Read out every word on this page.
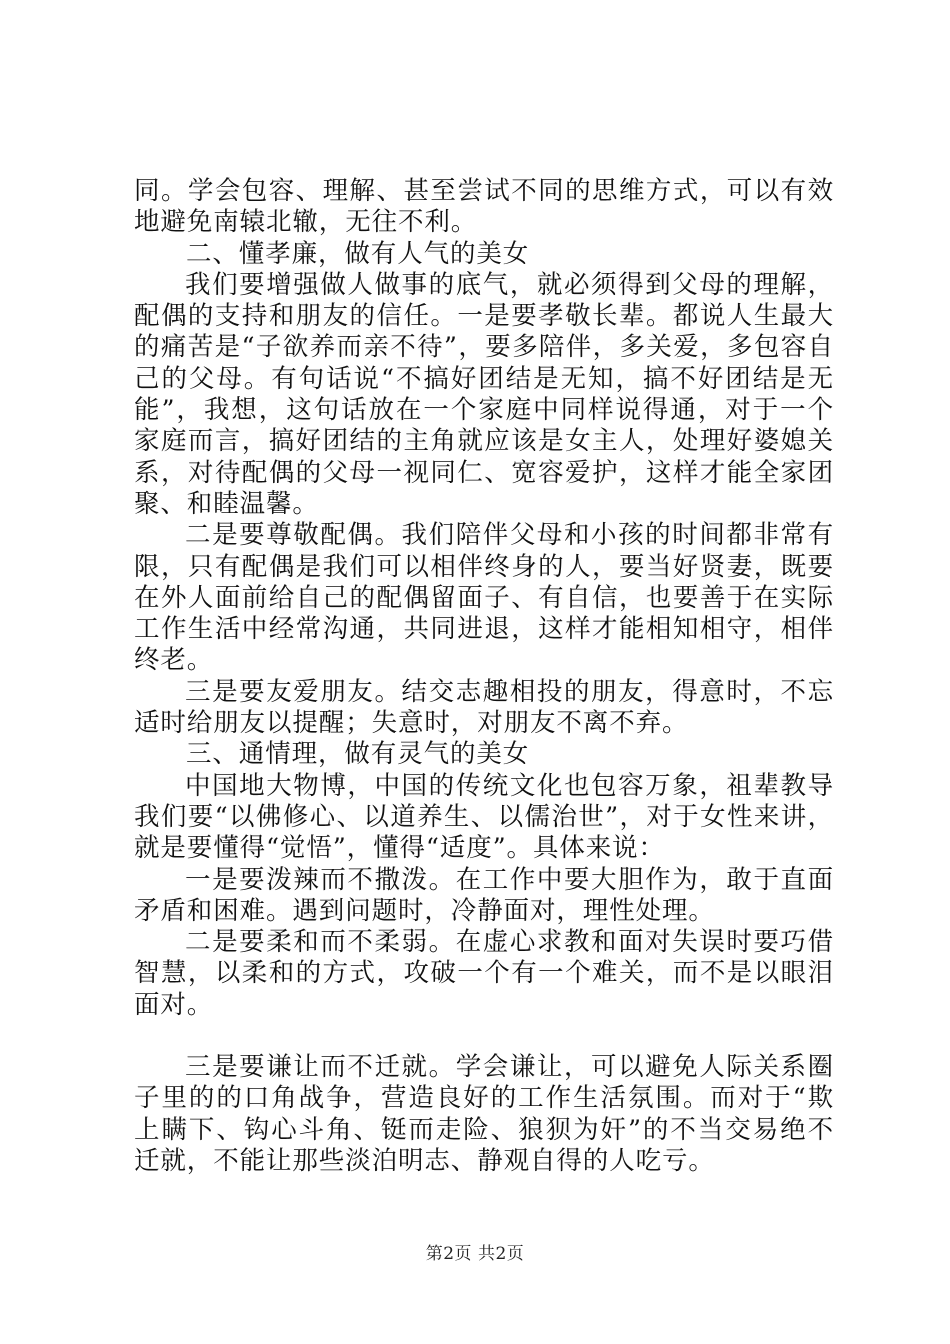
同。学会包容、理解、甚至尝试不同的思维方式，可以有效地避免南辕北辙，无往不利。

二、懂孝廉，做有人气的美女

我们要增强做人做事的底气，就必须得到父母的理解，配偶的支持和朋友的信任。一是要孝敬长辈。都说人生最大的痛苦是“子欲养而亲不待”，要多陪伴，多关爱，多包容自己的父母。有句话说“不搞好团结是无知，搞不好团结是无能”，我想，这句话放在一个家庭中同样说得通，对于一个家庭而言，搞好团结的主角就应该是女主人，处理好婆媳关系，对待配偶的父母一视同仁、宽容爱护，这样才能全家团聚、和睦温馨。

二是要尊敬配偶。我们陪伴父母和小孩的时间都非常有限，只有配偶是我们可以相伴终身的人，要当好贤妻，既要在外人面前给自己的配偶留面子、有自信，也要善于在实际工作生活中经常沟通，共同进退，这样才能相知相守，相伴终老。

三是要友爱朋友。结交志趣相投的朋友，得意时，不忘适时给朋友以提醒；失意时，对朋友不离不弃。

三、通情理，做有灵气的美女

中国地大物博，中国的传统文化也包容万象，祖辈教导我们要“以佛修心、以道养生、以儒治世”，对于女性来讲，就是要懂得“觉悟”，懂得“适度”。具体来说：

一是要泼辣而不撒泼。在工作中要大胆作为，敢于直面矛盾和困难。遇到问题时，冷静面对，理性处理。

二是要柔和而不柔弱。在虚心求教和面对失误时要巧借智慧，以柔和的方式，攻破一个有一个难关，而不是以眼泪面对。

三是要谦让而不迁就。学会谦让，可以避免人际关系圈子里的的口角战争，营造良好的工作生活氛围。而对于“欺上瞒下、钩心斗角、铤而走险、狼狈为奸”的不当交易绝不迁就，不能让那些淡泊明志、静观自得的人吃亏。

第2页 共2页
